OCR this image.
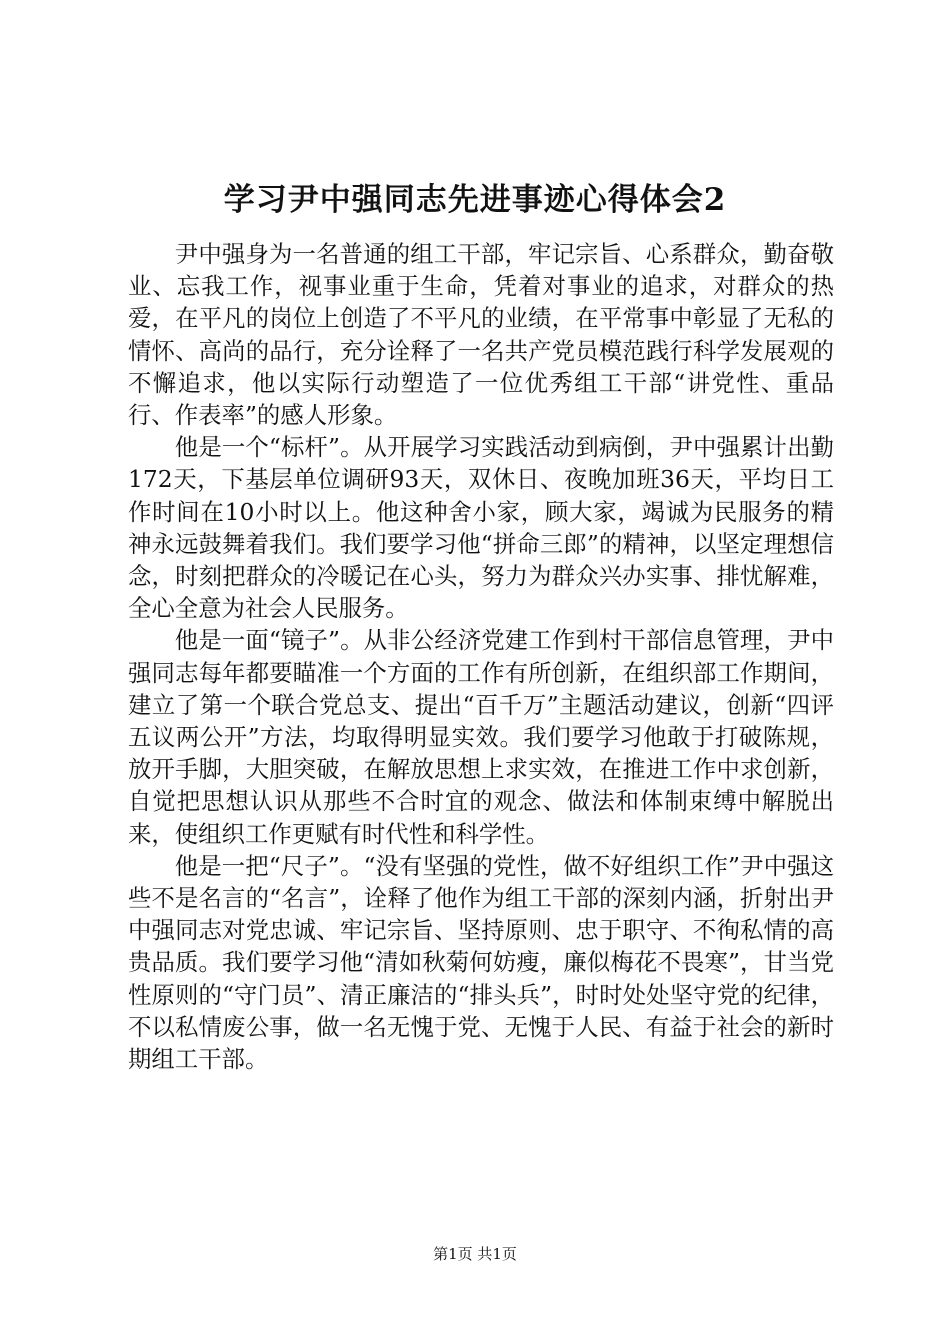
学习尹中强同志先进事迹心得体会2

尹中强身为一名普通的组工干部，牢记宗旨、心系群众，勤奋敬业、忘我工作，视事业重于生命，凭着对事业的追求，对群众的热爱，在平凡的岗位上创造了不平凡的业绩，在平常事中彰显了无私的情怀、高尚的品行，充分诠释了一名共产党员模范践行科学发展观的不懈追求，他以实际行动塑造了一位优秀组工干部“讲党性、重品行、作表率”的感人形象。

他是一个“标杆”。从开展学习实践活动到病倒，尹中强累计出勤172天，下基层单位调研93天，双休日、夜晚加班36天，平均日工作时间在10小时以上。他这种舍小家，顾大家，竭诚为民服务的精神永远鼓舞着我们。我们要学习他“拼命三郎”的精神，以坚定理想信念，时刻把群众的冷暖记在心头，努力为群众兴办实事、排忧解难，全心全意为社会人民服务。

他是一面“镜子”。从非公经济党建工作到村干部信息管理，尹中强同志每年都要瞄准一个方面的工作有所创新，在组织部工作期间，建立了第一个联合党总支、提出“百千万”主题活动建议，创新“四评五议两公开”方法，均取得明显实效。我们要学习他敢于打破陈规，放开手脚，大胆突破，在解放思想上求实效，在推进工作中求创新，自觉把思想认识从那些不合时宜的观念、做法和体制束缚中解脱出来，使组织工作更赋有时代性和科学性。

他是一把“尺子”。“没有坚强的党性，做不好组织工作”尹中强这些不是名言的“名言”，诠释了他作为组工干部的深刻内涵，折射出尹中强同志对党忠诚、牢记宗旨、坚持原则、忠于职守、不徇私情的高贵品质。我们要学习他“清如秋菊何妨瘦，廉似梅花不畏寒”，甘当党性原则的“守门员”、清正廉洁的“排头兵”，时时处处坚守党的纪律，不以私情废公事，做一名无愧于党、无愧于人民、有益于社会的新时期组工干部。

第1页 共1页
